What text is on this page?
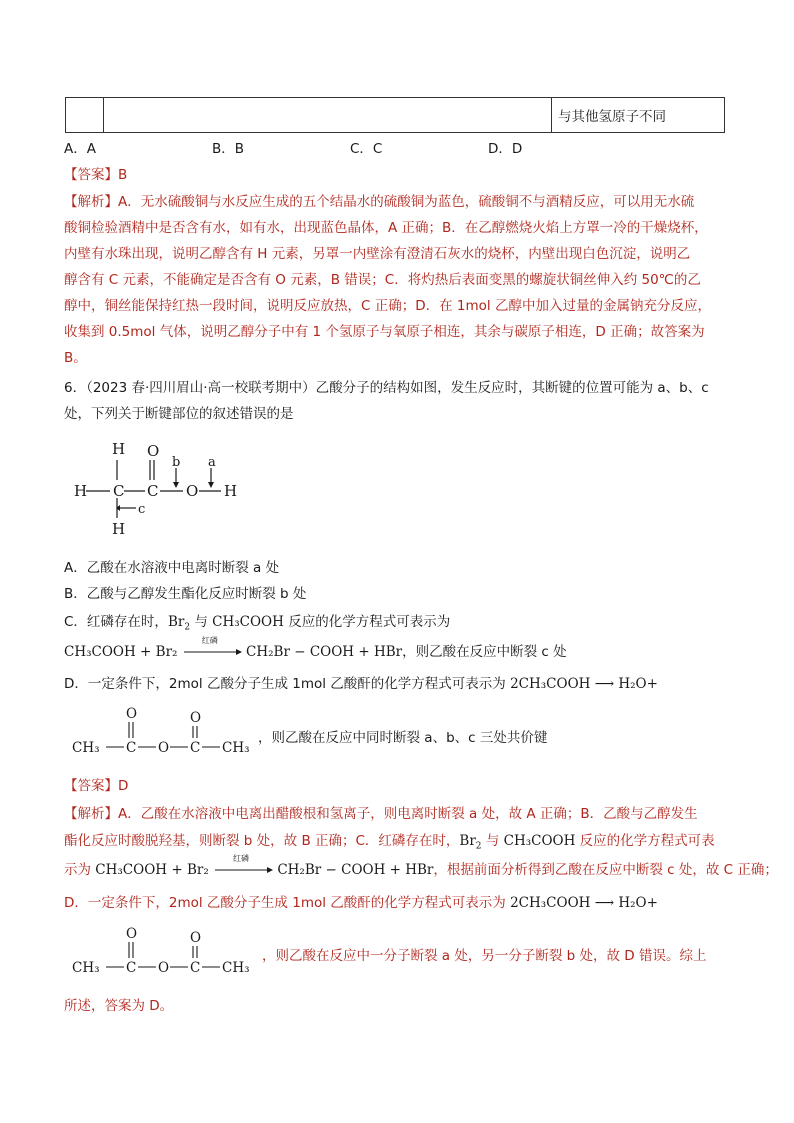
		与其他氢原子不同
A．A	B．B	C．C	D．D
【答案】B
【解析】A．无水硫酸铜与水反应生成的五个结晶水的硫酸铜为蓝色，硫酸铜不与酒精反应，可以用无水硫
酸铜检验酒精中是否含有水，如有水，出现蓝色晶体，A 正确；B．在乙醇燃烧火焰上方罩一冷的干燥烧杯，
内壁有水珠出现，说明乙醇含有 H 元素，另罩一内壁涂有澄清石灰水的烧杯，内壁出现白色沉淀，说明乙
醇含有 C 元素，不能确定是否含有 O 元素，B 错误；C．将灼热后表面变黑的螺旋状铜丝伸入约 50℃的乙
醇中，铜丝能保持红热一段时间，说明反应放热，C 正确；D．在 1mol 乙醇中加入过量的金属钠充分反应，
收集到 0.5mol 气体，说明乙醇分子中有 1 个氢原子与氧原子相连，其余与碳原子相连，D 正确；故答案为
B。
6．（2023 春·四川眉山·高一校联考期中）乙酸分子的结构如图，发生反应时，其断键的位置可能为 a、b、c
处，下列关于断键部位的叙述错误的是
H C C O H
H
H
O
b a
c
A．乙酸在水溶液中电离时断裂 a 处
B．乙酸与乙醇发生酯化反应时断裂 b 处
C．红磷存在时，$Br_2$ 与 CH₃COOH 反应的化学方程式可表示为
CH₃COOH + Br₂
红磷
CH₂Br − COOH + HBr，则乙酸在反应中断裂 c 处
D．一定条件下，2mol 乙酸分子生成 1mol 乙酸酐的化学方程式可表示为 2CH₃COOH ⟶ H₂O+
CH₃ C O C CH₃
O	O
，则乙酸在反应中同时断裂 a、b、c 三处共价键
【答案】D
【解析】A．乙酸在水溶液中电离出醋酸根和氢离子，则电离时断裂 a 处，故 A 正确；B．乙酸与乙醇发生
酯化反应时酸脱羟基，则断裂 b 处，故 B 正确；C．红磷存在时，$Br_2$ 与 CH₃COOH 反应的化学方程式可表
示为 CH₃COOH + Br₂
红磷
CH₂Br − COOH + HBr，根据前面分析得到乙酸在反应中断裂 c 处，故 C 正确；
D．一定条件下，2mol 乙酸分子生成 1mol 乙酸酐的化学方程式可表示为 2CH₃COOH ⟶ H₂O+
CH₃ C O C CH₃
O	O
，则乙酸在反应中一分子断裂 a 处，另一分子断裂 b 处，故 D 错误。综上
所述，答案为 D。
